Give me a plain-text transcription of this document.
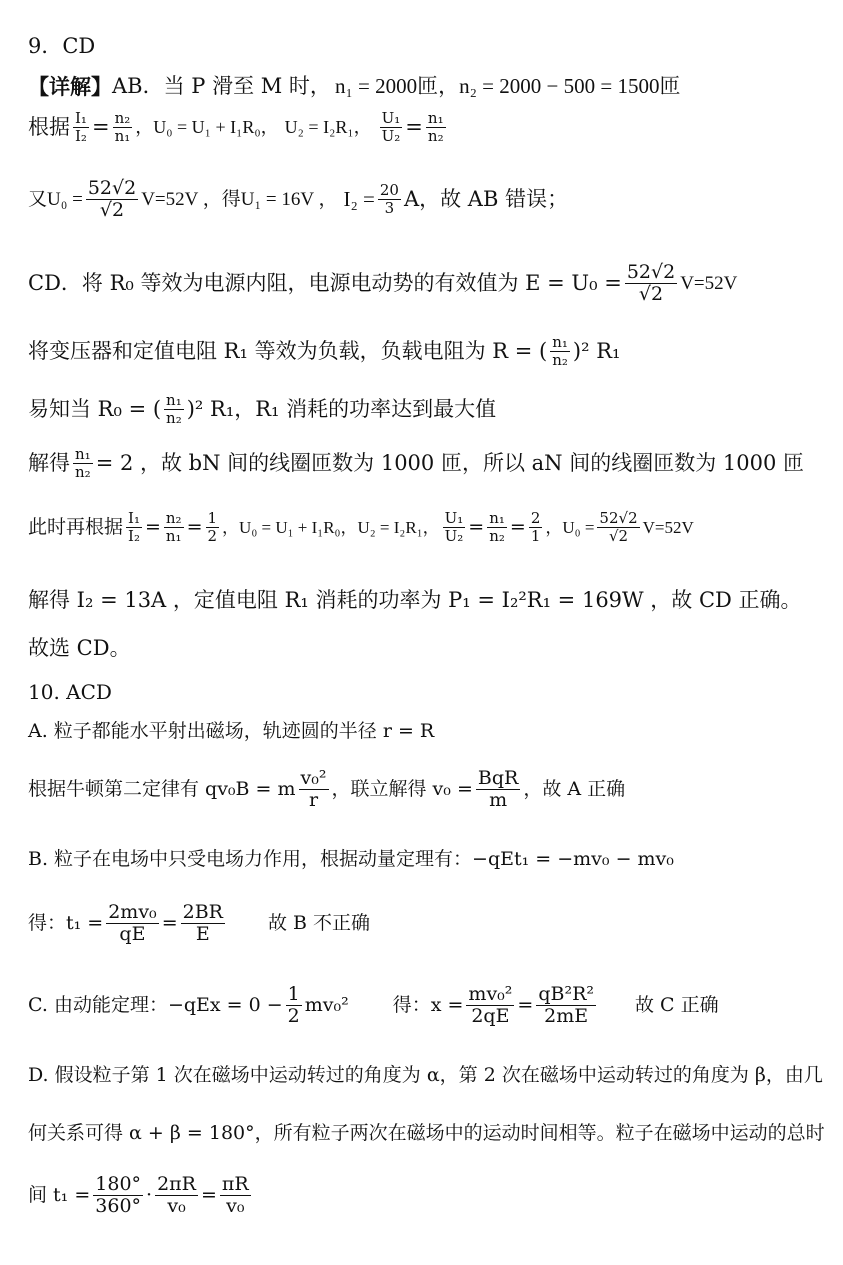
9．CD
【详解】 AB．当 P 滑至 M 时， n₁ = 2000匝，n₂ = 2000 − 500 = 1500匝
根据 $\frac{\text{I₁}}{\text{I₂}} = \frac{\text{n₂}}{\text{n₁}}$ ，U₀ = U₁ + I₁R₀， U₂ = I₂R₁， $\frac{\text{U₁}}{\text{U₂}} = \frac{\text{n₁}}{\text{n₂}}$
又$U_0 = \frac{52√2}{√2} V=52V$ ，得U₁ = 16V ， $I_2 = \frac{20}{3}$ A，故 AB 错误；
CD．将 R₀ 等效为电源内阻，电源电动势的有效值为 $E = U_0 = \frac{52√2}{√2} V=52V$
将变压器和定值电阻 R₁ 等效为负载，负载电阻为 R = ( $\frac{\text{n₁}}{\text{n₂}} )^2$ R₁
易知当 R₀ = ( $\frac{\text{n₁}}{\text{n₂}} )^2$ R₁，R₁ 消耗的功率达到最大值
解得 $\frac{\text{n₁}}{\text{n₂}} = 2$ ，故 bN 间的线圈匝数为 1000 匝，所以 aN 间的线圈匝数为 1000 匝
此时再根据 $\frac{\text{I₁}}{\text{I₂}} = \frac{\text{n₂}}{\text{n₁}} = \frac{1}{2}$ ，U₀ = U₁ + I₁R₀，U₂ = I₂R₁， $\frac{\text{U₁}}{\text{U₂}} = \frac{\text{n₁}}{\text{n₂}} = \frac{2}{1}$ ，$U_0 = \frac{52√2}{√2} V=52V$
解得 I₂ = 13A ，定值电阻 R₁ 消耗的功率为 P₁ = I₂²R₁ = 169W ，故 CD 正确。
故选 CD。
10. ACD
A. 粒子都能水平射出磁场，轨迹圆的半径 r = R
根据牛顿第二定律有 qv₀B = m $\frac{\text{v₀²}}{r}$ ，联立解得 $v_0 = \frac{\text{BqR}}{m}$ ，故 A 正确
B. 粒子在电场中只受电场力作用，根据动量定理有：−qEt₁ = −mv₀ − mv₀
得：$t_1 = \frac{\text{2mv₀}}{qE} = \frac{2BR}{E}$ 故 B 不正确
C. 由动能定理：$-qEx = 0 - \frac{1}{2} mv_0^2$ 得：$x = \frac{\text{mv₀²}}{2qE} = \frac{\text{qB²R²}}{2mE}$ 故 C 正确
D. 假设粒子第 1 次在磁场中运动转过的角度为 α，第 2 次在磁场中运动转过的角度为 β，由几
何关系可得 α + β = 180°，所有粒子两次在磁场中的运动时间相等。粒子在磁场中运动的总时
间 $t_1 = \frac{180^\circ}{360^\circ} \cdot \frac{2\pi R}{\text{v₀}} = \frac{\pi R}{\text{v₀}}$
